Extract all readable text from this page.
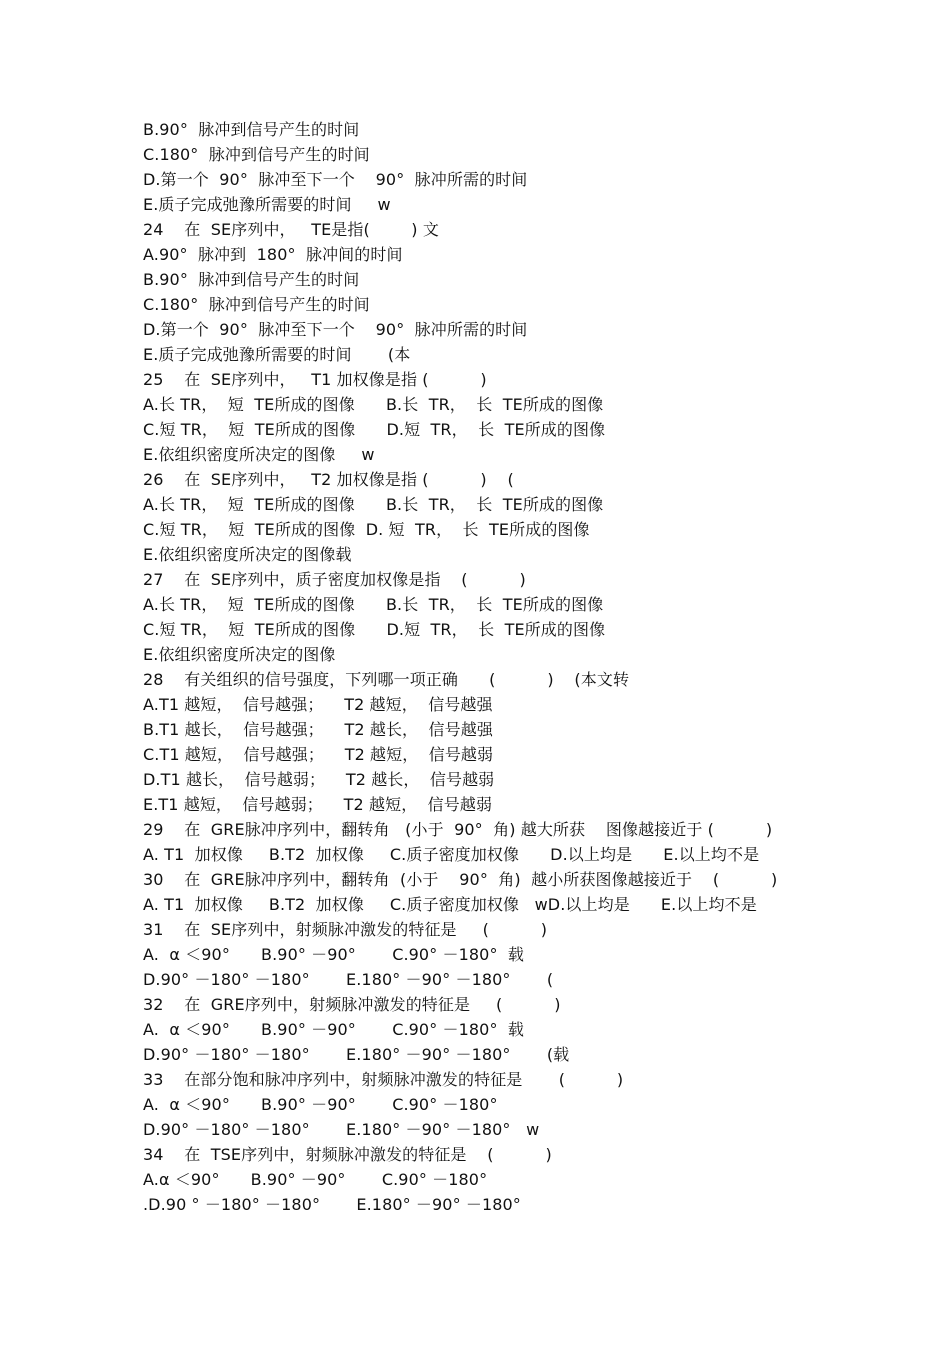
B.90°  脉冲到信号产生的时间
C.180°  脉冲到信号产生的时间
D.第一个  90°  脉冲至下一个    90°  脉冲所需的时间
E.质子完成弛豫所需要的时间     w
24    在  SE序列中，   TE是指(        ) 文
A.90°  脉冲到  180°  脉冲间的时间
B.90°  脉冲到信号产生的时间
C.180°  脉冲到信号产生的时间
D.第一个  90°  脉冲至下一个    90°  脉冲所需的时间
E.质子完成弛豫所需要的时间       (本
25    在  SE序列中，   T1 加权像是指 (          )
A.长 TR，  短  TE所成的图像      B.长  TR，  长  TE所成的图像
C.短 TR，  短  TE所成的图像      D.短  TR，  长  TE所成的图像
E.依组织密度所决定的图像     w
26    在  SE序列中，   T2 加权像是指 (          )    (
A.长 TR，  短  TE所成的图像      B.长  TR，  长  TE所成的图像
C.短 TR，  短  TE所成的图像  D. 短  TR，  长  TE所成的图像
E.依组织密度所决定的图像载
27    在  SE序列中，质子密度加权像是指    (          )
A.长 TR，  短  TE所成的图像      B.长  TR，  长  TE所成的图像
C.短 TR，  短  TE所成的图像      D.短  TR，  长  TE所成的图像
E.依组织密度所决定的图像
28    有关组织的信号强度，下列哪一项正确      (          )    (本文转
A.T1 越短，  信号越强；    T2 越短，  信号越强
B.T1 越长，  信号越强；    T2 越长，  信号越强
C.T1 越短，  信号越强；    T2 越短，  信号越弱
D.T1 越长，  信号越弱；    T2 越长，  信号越弱
E.T1 越短，  信号越弱；    T2 越短，  信号越弱
29    在  GRE脉冲序列中，翻转角   (小于  90°  角) 越大所获    图像越接近于 (          )
A. T1  加权像     B.T2  加权像     C.质子密度加权像      D.以上均是      E.以上均不是
30    在  GRE脉冲序列中，翻转角  (小于    90°  角)  越小所获图像越接近于    (          )
A. T1  加权像     B.T2  加权像     C.质子密度加权像   wD.以上均是      E.以上均不是
31    在  SE序列中，射频脉冲激发的特征是     (          )
A.  α ＜90°      B.90° －90°       C.90° －180°  载
D.90° －180° －180°       E.180° －90° －180°       (
32    在  GRE序列中，射频脉冲激发的特征是     (          )
A.  α ＜90°      B.90° －90°       C.90° －180°  载
D.90° －180° －180°       E.180° －90° －180°       (载
33    在部分饱和脉冲序列中，射频脉冲激发的特征是       (          )
A.  α ＜90°      B.90° －90°       C.90° －180°
D.90° －180° －180°       E.180° －90° －180°   w
34    在  TSE序列中，射频脉冲激发的特征是    (          )
A.α ＜90°      B.90° －90°       C.90° －180°
.D.90 ° －180° －180°       E.180° －90° －180°
